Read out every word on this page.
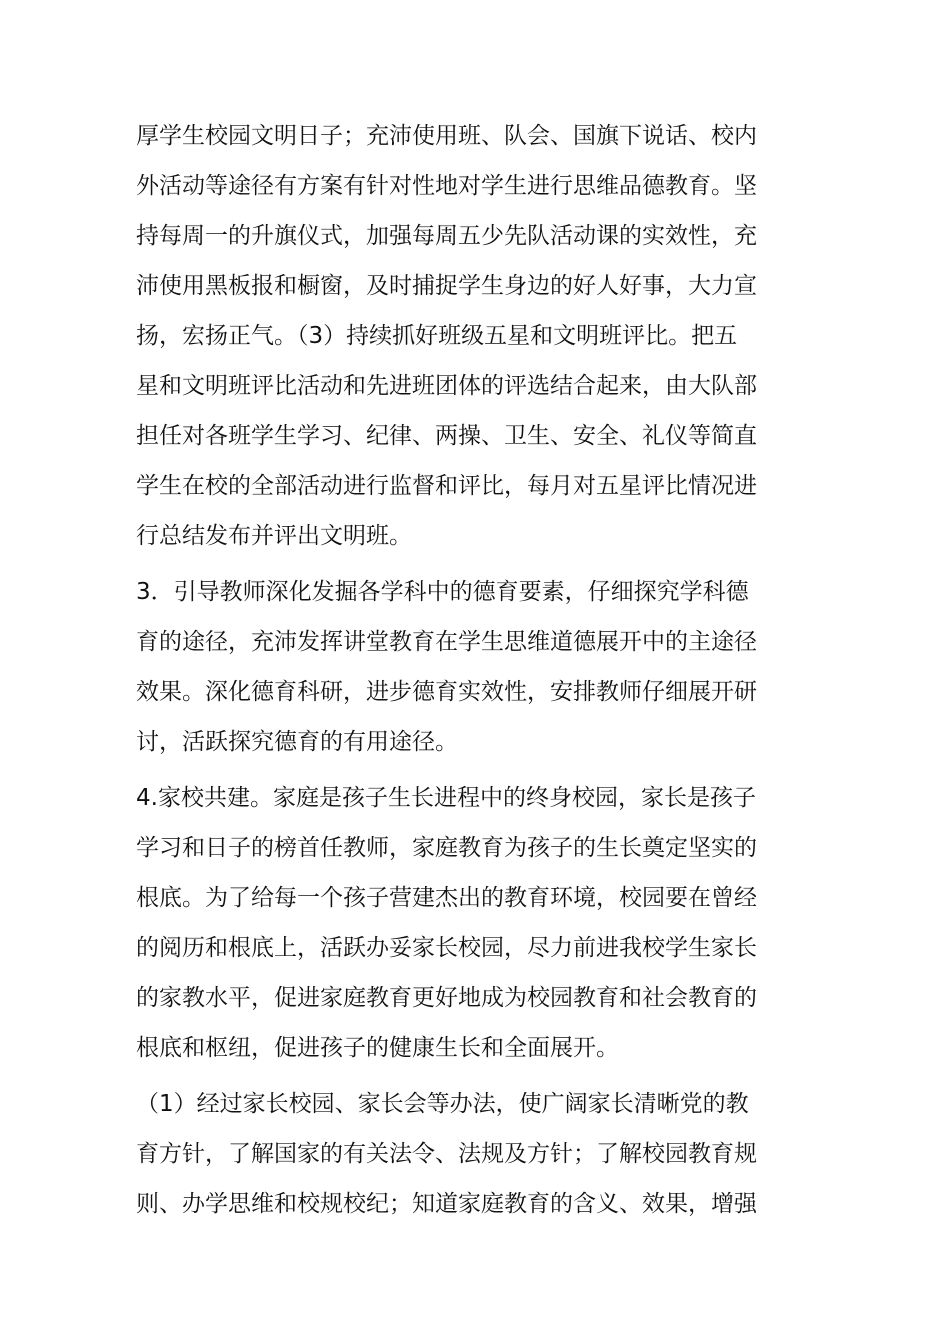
厚学生校园文明日子；充沛使用班、队会、国旗下说话、校内
外活动等途径有方案有针对性地对学生进行思维品德教育。坚
持每周一的升旗仪式，加强每周五少先队活动课的实效性，充
沛使用黑板报和橱窗，及时捕捉学生身边的好人好事，大力宣
扬，宏扬正气。（3）持续抓好班级五星和文明班评比。把五
星和文明班评比活动和先进班团体的评选结合起来，由大队部
担任对各班学生学习、纪律、两操、卫生、安全、礼仪等简直
学生在校的全部活动进行监督和评比，每月对五星评比情况进
行总结发布并评出文明班。
3．引导教师深化发掘各学科中的德育要素，仔细探究学科德
育的途径，充沛发挥讲堂教育在学生思维道德展开中的主途径
效果。深化德育科研，进步德育实效性，安排教师仔细展开研
讨，活跃探究德育的有用途径。
4.家校共建。家庭是孩子生长进程中的终身校园，家长是孩子
学习和日子的榜首任教师，家庭教育为孩子的生长奠定坚实的
根底。为了给每一个孩子营建杰出的教育环境，校园要在曾经
的阅历和根底上，活跃办妥家长校园，尽力前进我校学生家长
的家教水平，促进家庭教育更好地成为校园教育和社会教育的
根底和枢纽，促进孩子的健康生长和全面展开。
（1）经过家长校园、家长会等办法，使广阔家长清晰党的教
育方针，了解国家的有关法令、法规及方针；了解校园教育规
则、办学思维和校规校纪；知道家庭教育的含义、效果，增强
